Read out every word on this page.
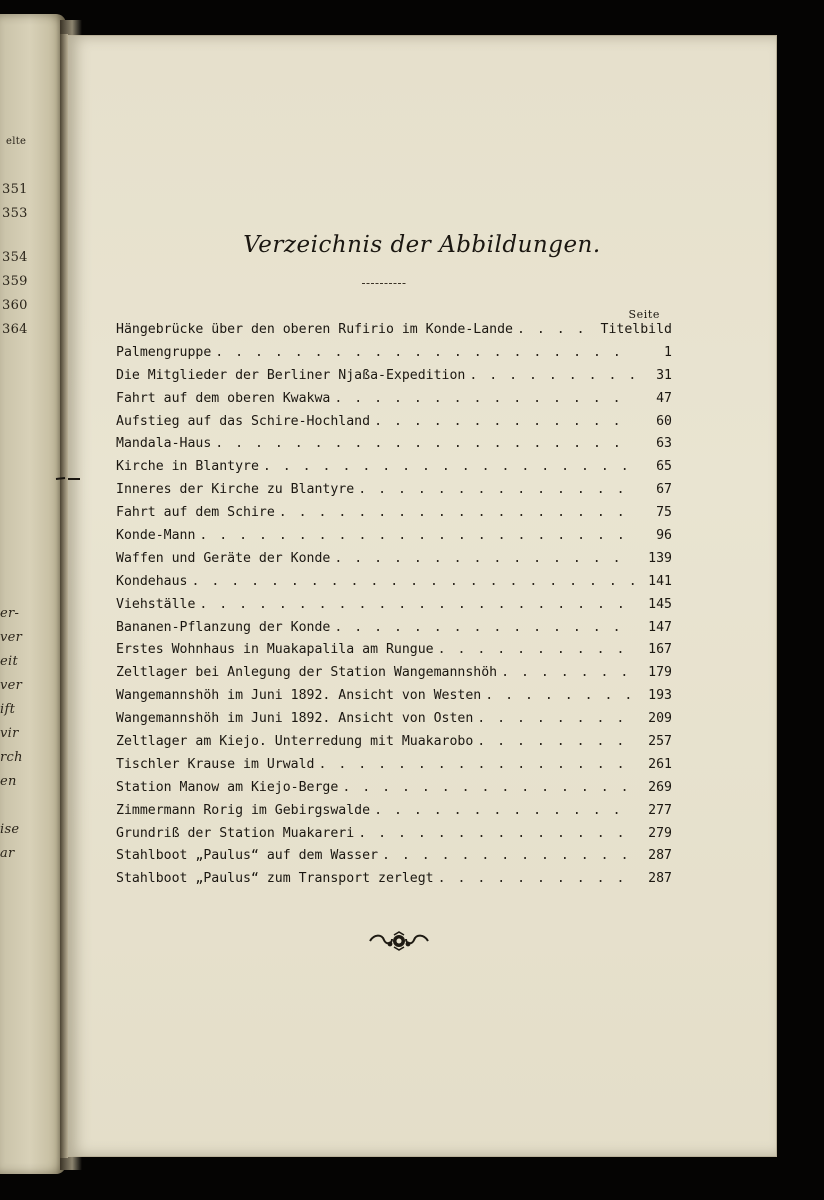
elte
351
353
354
359
360
364
er-
ver
eit
ver
ift
vir
rch
en
ise
ar
Verzeichnis der Abbildungen.
Seite
Hängebrücke über den oberen Rufirio im Konde-Lande . . .	Titelbild
Palmengruppe . . .	1
Die Mitglieder der Berliner Njaßa-Expedition . . .	31
Fahrt auf dem oberen Kwakwa . . .	47
Aufstieg auf das Schire-Hochland . . .	60
Mandala-Haus . . .	63
Kirche in Blantyre . . .	65
Inneres der Kirche zu Blantyre . . .	67
Fahrt auf dem Schire . . .	75
Konde-Mann . . .	96
Waffen und Geräte der Konde . . .	139
Kondehaus . . .	141
Viehställe . . .	145
Bananen-Pflanzung der Konde . . .	147
Erstes Wohnhaus in Muakapalila am Rungue . . .	167
Zeltlager bei Anlegung der Station Wangemannshöh . . .	179
Wangemannshöh im Juni 1892. Ansicht von Westen . . .	193
Wangemannshöh im Juni 1892. Ansicht von Osten . . .	209
Zeltlager am Kiejo. Unterredung mit Muakarobo . . .	257
Tischler Krause im Urwald . . .	261
Station Manow am Kiejo-Berge . . .	269
Zimmermann Rorig im Gebirgswalde . . .	277
Grundriß der Station Muakareri . . .	279
Stahlboot „Paulus“ auf dem Wasser . . .	287
Stahlboot „Paulus“ zum Transport zerlegt . . .	287
